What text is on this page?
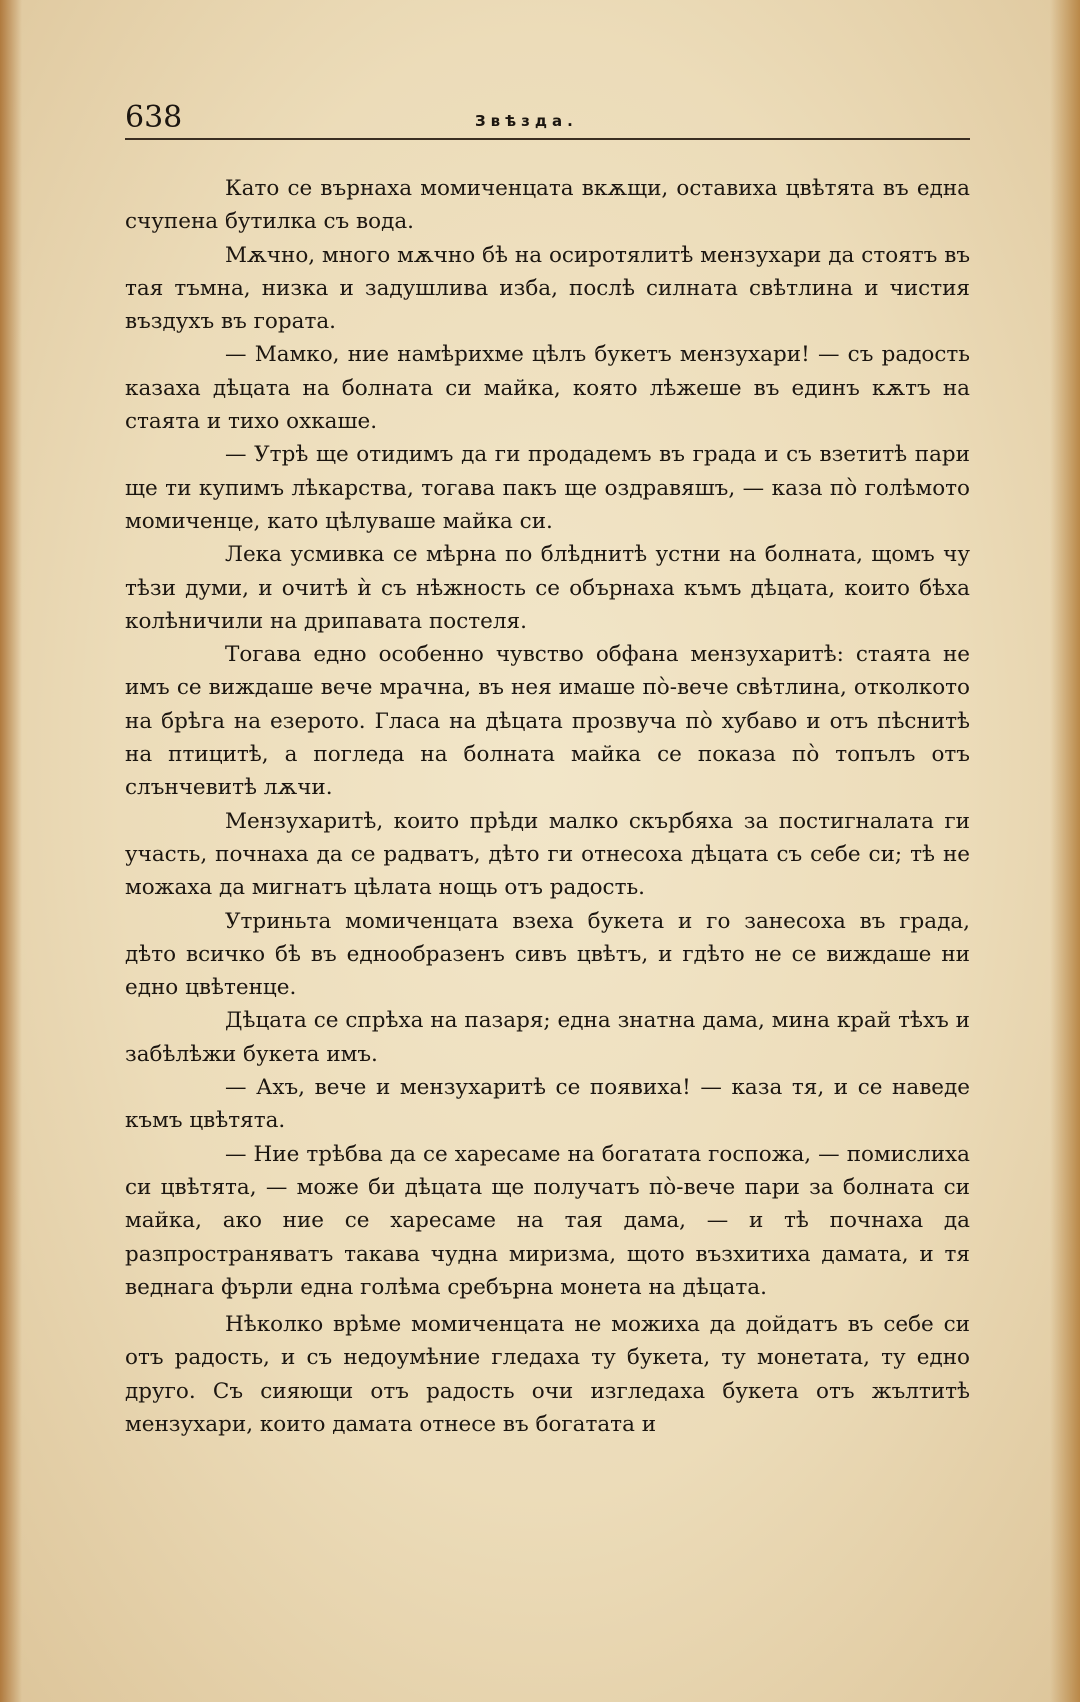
638	Звѣзда.

Като се върнаха момиченцата вкѫщи, оставиха цвѣтята въ една счупена бутилка съ вода.

Мѫчно, много мѫчно бѣ на осиротялитѣ мензухари да стоятъ въ тая тъмна, низка и задушлива изба, послѣ силната свѣтлина и чистия въздухъ въ гората.

— Мамко, ние намѣрихме цѣлъ букетъ мензухари! — съ радость казаха дѣцата на болната си майка, която лѣжеше въ единъ кѫтъ на стаята и тихо охкаше.

— Утрѣ ще отидимъ да ги продадемъ въ града и съ взетитѣ пари ще ти купимъ лѣкарства, тогава пакъ ще оздравяшъ, — каза по̀ голѣмото момиченце, като цѣлуваше майка си.

Лека усмивка се мѣрна по блѣднитѣ устни на болната, щомъ чу тѣзи думи, и очитѣ ѝ съ нѣжность се обърнаха къмъ дѣцата, които бѣха колѣничили на дрипавата постеля.

Тогава едно особенно чувство обфана мензухаритѣ: стаята не имъ се виждаше вече мрачна, въ нея имаше по̀-вече свѣтлина, отколкото на брѣга на езерото. Гласа на дѣцата прозвуча по̀ хубаво и отъ пѣснитѣ на птицитѣ, а погледа на болната майка се показа по̀ топълъ отъ слънчевитѣ лѫчи.

Мензухаритѣ, които прѣди малко скърбяха за постигналата ги участь, почнаха да се радватъ, дѣто ги отнесоха дѣцата съ себе си; тѣ не можаха да мигнатъ цѣлата нощь отъ радость.

Утриньта момиченцата взеха букета и го занесоха въ града, дѣто всичко бѣ въ еднообразенъ сивъ цвѣтъ, и гдѣто не се виждаше ни едно цвѣтенце.

Дѣцата се спрѣха на пазаря; една знатна дама, мина край тѣхъ и забѣлѣжи букета имъ.

— Ахъ, вече и мензухаритѣ се появиха! — каза тя, и се наведе къмъ цвѣтята.

— Ние трѣбва да се харесаме на богатата госпожа, — помислиха си цвѣтята, — може би дѣцата ще получатъ по̀-вече пари за болната си майка, ако ние се харесаме на тая дама, — и тѣ почнаха да разпространяватъ такава чудна миризма, щото възхитиха дамата, и тя веднага фърли една голѣма сребърна монета на дѣцата.

Нѣколко врѣме момиченцата не можиха да дойдатъ въ себе си отъ радость, и съ недоумѣние гледаха ту букета, ту монетата, ту едно друго. Съ сияющи отъ радость очи изгледаха букета отъ жълтитѣ мензухари, които дамата отнесе въ богатата и
